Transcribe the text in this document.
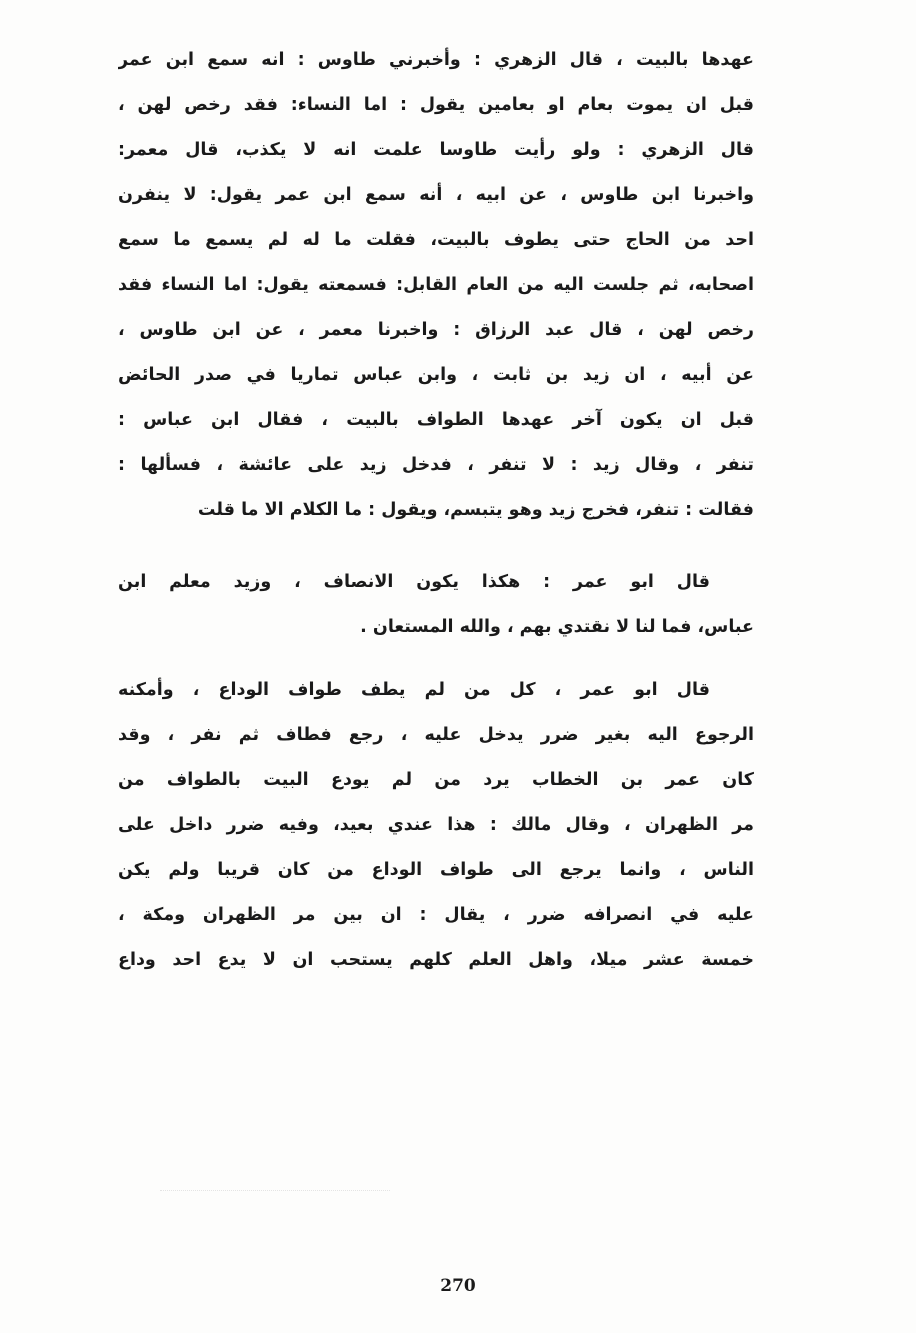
عهدها بالبيت ، قال الزهري : وأخبرني طاوس : انه سمع ابن عمر
قبل ان يموت بعام او بعامين يقول : اما النساء: فقد رخص لهن ،
قال الزهري : ولو رأيت طاوسا علمت انه لا يكذب، قال معمر:
واخبرنا ابن طاوس ، عن ابيه ، أنه سمع ابن عمر يقول: لا ينفرن
احد من الحاج حتى يطوف بالبيت، فقلت ما له لم يسمع ما سمع
اصحابه، ثم جلست اليه من العام القابل: فسمعته يقول: اما النساء فقد
رخص لهن ، قال عبد الرزاق : واخبرنا معمر ، عن ابن طاوس ،
عن أبيه ، ان زيد بن ثابت ، وابن عباس تماريا في صدر الحائض
قبل ان يكون آخر عهدها الطواف بالبيت ، فقال ابن عباس :
تنفر ، وقال زيد : لا تنفر ، فدخل زيد على عائشة ، فسألها :
فقالت : تنفر، فخرج زيد وهو يتبسم، ويقول : ما الكلام الا ما قلت
قال ابو عمر : هكذا يكون الانصاف ، وزيد معلم ابن
عباس، فما لنا لا نقتدي بهم ، والله المستعان .
قال ابو عمر ، كل من لم يطف طواف الوداع ، وأمكنه
الرجوع اليه بغير ضرر يدخل عليه ، رجع فطاف ثم نفر ، وقد
كان عمر بن الخطاب يرد من لم يودع البيت بالطواف من
مر الظهران ، وقال مالك : هذا عندي بعيد، وفيه ضرر داخل على
الناس ، وانما يرجع الى طواف الوداع من كان قريبا ولم يكن
عليه في انصرافه ضرر ، يقال : ان بين مر الظهران ومكة ،
خمسة عشر ميلا، واهل العلم كلهم يستحب ان لا يدع احد وداع
270
